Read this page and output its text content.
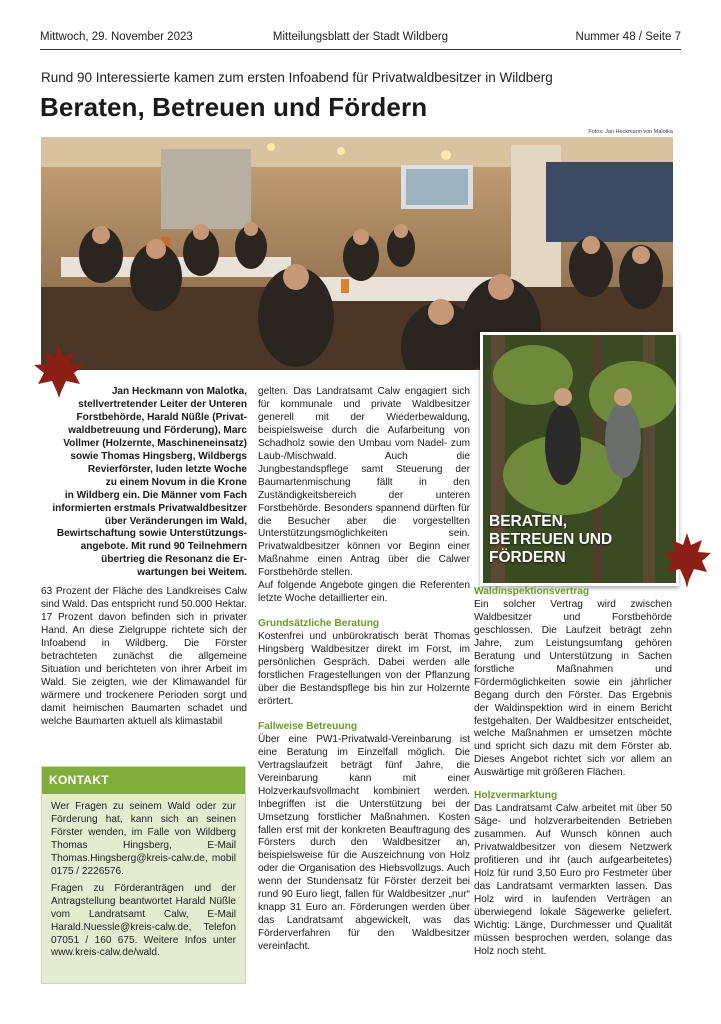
Mittwoch, 29. November 2023	Mitteilungsblatt der Stadt Wildberg	Nummer 48 / Seite 7
Rund 90 Interessierte kamen zum ersten Infoabend für Privatwaldbesitzer in Wildberg
Beraten, Betreuen und Fördern
Fotos: Jan Heckmann von Malotka
BERATEN,
BETREUEN UND
FÖRDERN

Jan Heckmann von Malotka,
stellvertretender Leiter der Unteren
Forstbehörde, Harald Nüßle (Privat-
waldbetreuung und Förderung), Marc
Vollmer (Holzernte, Maschineneinsatz)
sowie Thomas Hingsberg, Wildbergs
Revierförster, luden letzte Woche
zu einem Novum in die Krone
in Wildberg ein. Die Männer vom Fach
informierten erstmals Privatwaldbesitzer
über Veränderungen im Wald,
Bewirtschaftung sowie Unterstützungs-
angebote. Mit rund 90 Teilnehmern
übertrieg die Resonanz die Er-
wartungen bei Weitem.

63 Prozent der Fläche des Landkreises Calw sind Wald. Das entspricht rund 50.000 Hektar. 17 Prozent davon befinden sich in privater Hand. An diese Zielgruppe richtete sich der Infoabend in Wildberg. Die Förster betrachteten zunächst die allgemeine Situation und berichteten von ihrer Arbeit im Wald. Sie zeigten, wie der Klimawandel für wärmere und trockenere Perioden sorgt und damit heimischen Baumarten schadet und welche Baumarten aktuell als klimastabil

KONTAKT

Wer Fragen zu seinem Wald oder zur Förderung hat, kann sich an seinen Förster wenden, im Falle von Wildberg Thomas Hingsberg, E-Mail Thomas.Hingsberg@kreis-calw.de, mobil 0175 / 2226576.

Fragen zu Förderanträgen und der Antragstellung beantwortet Harald Nüßle vom Landratsamt Calw, E-Mail Harald.Nuessle@kreis-calw.de, Telefon 07051 / 160 675. Weitere Infos unter www.kreis-calw.de/wald.

gelten. Das Landratsamt Calw engagiert sich für kommunale und private Waldbesitzer generell mit der Wiederbewaldung, beispielsweise durch die Aufarbeitung von Schadholz sowie den Umbau vom Nadel- zum Laub-/Mischwald. Auch die Jungbestandspflege samt Steuerung der Baumartenmischung fällt in den Zuständigkeitsbereich der unteren Forstbehörde. Besonders spannend dürften für die Besucher aber die vorgestellten Unterstützungsmöglichkeiten sein. Privatwaldbesitzer können vor Beginn einer Maßnahme einen Antrag über die Calwer Forstbehörde stellen.

Auf folgende Angebote gingen die Referenten letzte Woche detaillierter ein.

Grundsätzliche Beratung

Kostenfrei und unbürokratisch berät Thomas Hingsberg Waldbesitzer direkt im Forst, im persönlichen Gespräch. Dabei werden alle forstlichen Fragestellungen von der Pflanzung über die Bestandspflege bis hin zur Holzernte erörtert.

Fallweise Betreuung

Über eine PW1-Privatwald-Vereinbarung ist eine Beratung im Einzelfall möglich. Die Vertragslaufzeit beträgt fünf Jahre, die Vereinbarung kann mit einer Holzverkaufsvollmacht kombiniert werden. Inbegriffen ist die Unterstützung bei der Umsetzung forstlicher Maßnahmen. Kosten fallen erst mit der konkreten Beauftragung des Försters durch den Waldbesitzer an, beispielsweise für die Auszeichnung von Holz oder die Organisation des Hiebsvollzugs. Auch wenn der Stundensatz für Förster derzeit bei rund 90 Euro liegt, fallen für Waldbesitzer „nur“ knapp 31 Euro an. Förderungen werden über das Landratsamt abgewickelt, was das Förderverfahren für den Waldbesitzer vereinfacht.

Waldinspektionsvertrag

Ein solcher Vertrag wird zwischen Waldbesitzer und Forstbehörde geschlossen. Die Laufzeit beträgt zehn Jahre, zum Leistungsumfang gehören Beratung und Unterstützung in Sachen forstliche Maßnahmen und Fördermöglichkeiten sowie ein jährlicher Begang durch den Förster. Das Ergebnis der Waldinspektion wird in einem Bericht festgehalten. Der Waldbesitzer entscheidet, welche Maßnahmen er umsetzen möchte und spricht sich dazu mit dem Förster ab. Dieses Angebot richtet sich vor allem an Auswärtige mit größeren Flächen.

Holzvermarktung

Das Landratsamt Calw arbeitet mit über 50 Säge- und holzverarbeitenden Betrieben zusammen. Auf Wunsch können auch Privatwaldbesitzer von diesem Netzwerk profitieren und ihr (auch aufgearbeitetes) Holz für rund 3,50 Euro pro Festmeter über das Landratsamt vermarkten lassen. Das Holz wird in laufenden Verträgen an überwiegend lokale Sägewerke geliefert. Wichtig: Länge, Durchmesser und Qualität müssen besprochen werden, solange das Holz noch steht.
